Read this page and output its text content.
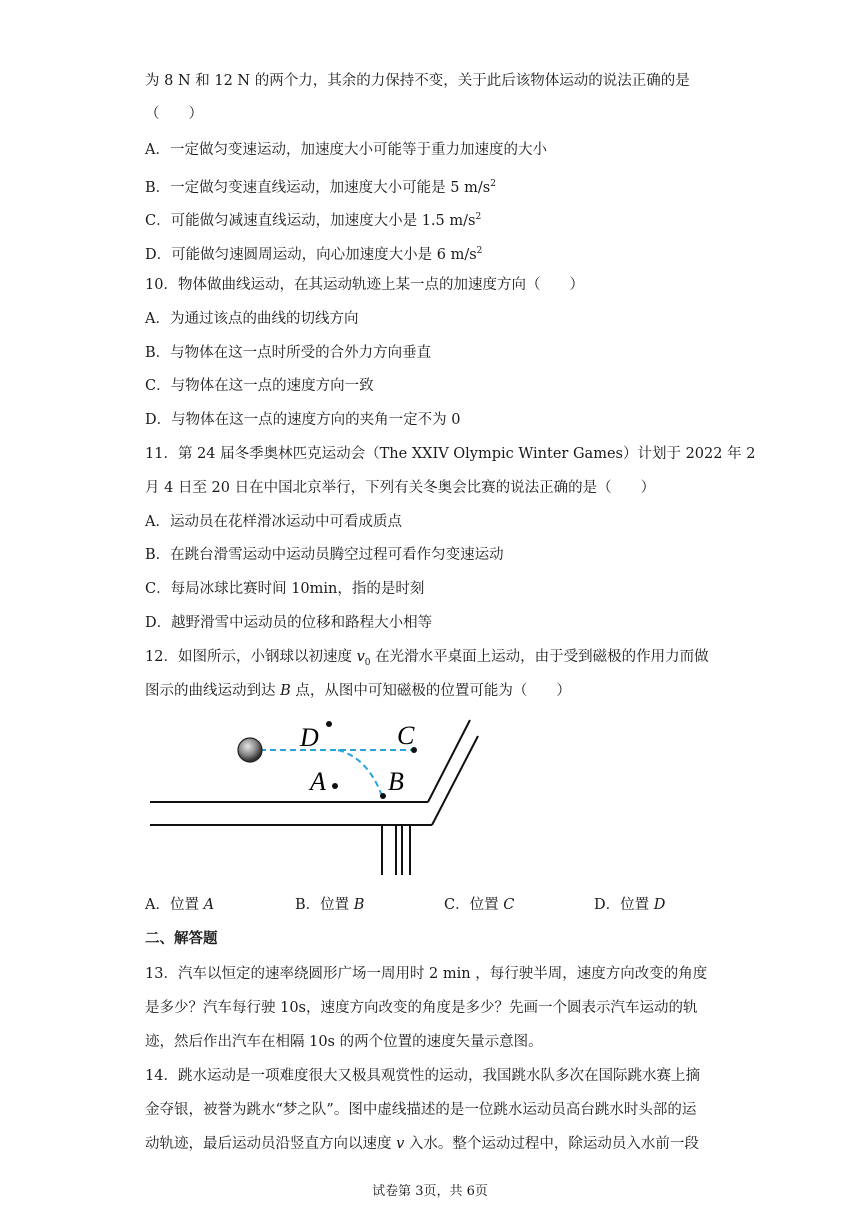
为 8 N 和 12 N 的两个力，其余的力保持不变，关于此后该物体运动的说法正确的是
（　　）
A．一定做匀变速运动，加速度大小可能等于重力加速度的大小
B．一定做匀变速直线运动，加速度大小可能是 5 $m/s^2$
C．可能做匀减速直线运动，加速度大小是 1.5 $m/s^2$
D．可能做匀速圆周运动，向心加速度大小是 6 $m/s^2$
10．物体做曲线运动，在其运动轨迹上某一点的加速度方向（　　）
A．为通过该点的曲线的切线方向
B．与物体在这一点时所受的合外力方向垂直
C．与物体在这一点的速度方向一致
D．与物体在这一点的速度方向的夹角一定不为 0
11．第 24 届冬季奥林匹克运动会（The XXIV Olympic Winter Games）计划于 2022 年 2
月 4 日至 20 日在中国北京举行，下列有关冬奥会比赛的说法正确的是（　　）
A．运动员在花样滑冰运动中可看成质点
B．在跳台滑雪运动中运动员腾空过程可看作匀变速运动
C．每局冰球比赛时间 10min，指的是时刻
D．越野滑雪中运动员的位移和路程大小相等
12．如图所示，小钢球以初速度 $v_0$ 在光滑水平桌面上运动，由于受到磁极的作用力而做
图示的曲线运动到达 B 点，从图中可知磁极的位置可能为（　　）
D	C
A B
A．位置 A	B．位置 B	C．位置 C	D．位置 D
二、解答题
13．汽车以恒定的速率绕圆形广场一周用时 2 min ，每行驶半周，速度方向改变的角度
是多少？汽车每行驶 10s，速度方向改变的角度是多少？先画一个圆表示汽车运动的轨
迹，然后作出汽车在相隔 10s 的两个位置的速度矢量示意图。
14．跳水运动是一项难度很大又极具观赏性的运动，我国跳水队多次在国际跳水赛上摘
金夺银，被誉为跳水“梦之队”。图中虚线描述的是一位跳水运动员高台跳水时头部的运
动轨迹，最后运动员沿竖直方向以速度 v 入水。整个运动过程中，除运动员入水前一段
试卷第 3页，共 6页
